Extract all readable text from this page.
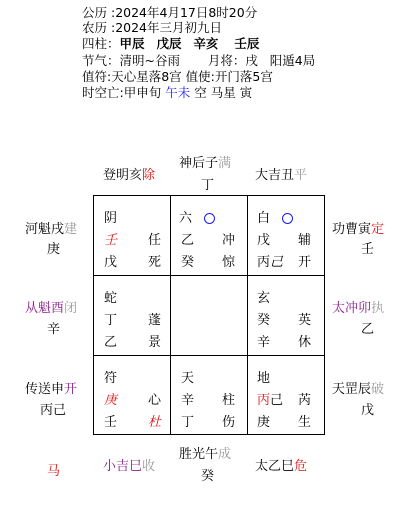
公历 :2024年4月17日8时20分
农历 :2024年三月初九日
四柱：甲辰 戊辰 辛亥 壬辰
节气：清明~谷雨 月将：戌 阳遁4局
值符:天心星落8宫 值使:开门落5宫
时空亡:甲申旬 午未 空 马星 寅
登明亥除
神后子满
丁
大吉丑平
河魁戌建
庚
从魁酉闭
辛
传送申开
丙己
功曹寅定
壬
太冲卯执
乙
天罡辰破
戊
小吉巳收
胜光午成
癸
太乙巳危
马
阴
壬 任
戊 死
六
乙 冲
癸 惊
白
戊 辅
丙己 开
蛇
丁 蓬
乙 景
玄
癸 英
辛 休
符
庚 心
壬 杜
天
辛 柱
丁 伤
地
丙己 芮
庚 生
